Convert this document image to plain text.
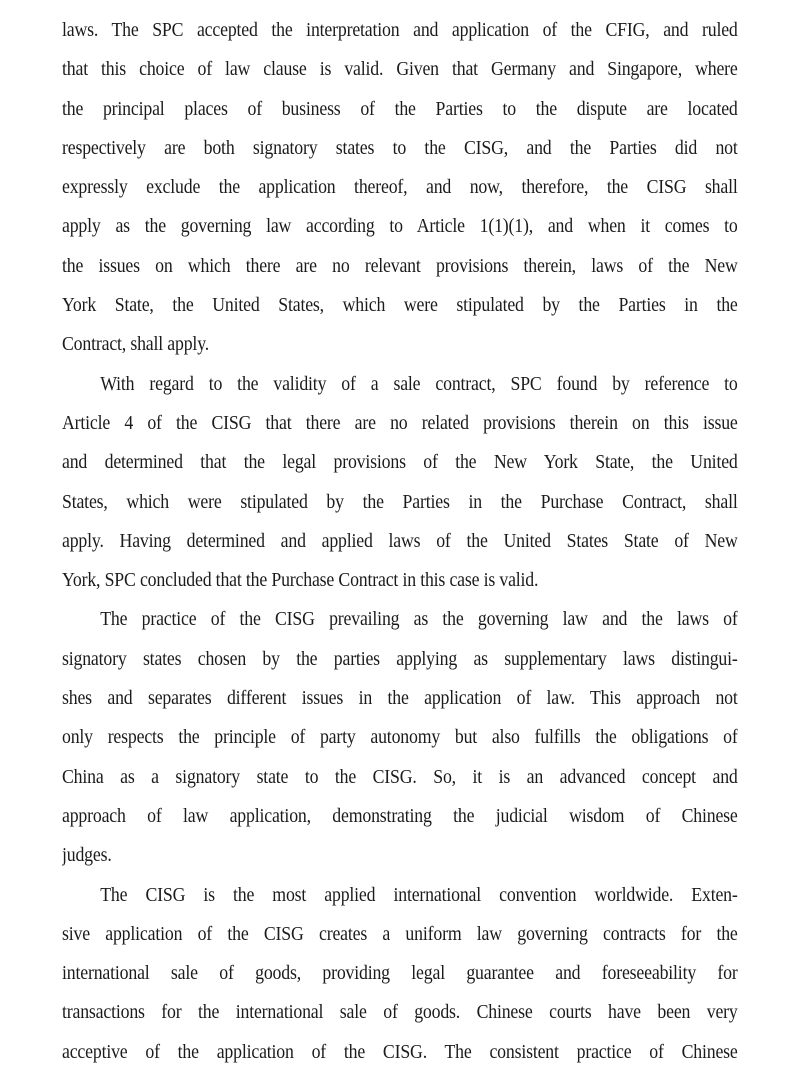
laws. The SPC accepted the interpretation and application of the CFIG, and ruled
that this choice of law clause is valid. Given that Germany and Singapore, where
the principal places of business of the Parties to the dispute are located
respectively are both signatory states to the CISG, and the Parties did not
expressly exclude the application thereof, and now, therefore, the CISG shall
apply as the governing law according to Article 1(1)(1), and when it comes to
the issues on which there are no relevant provisions therein, laws of the New
York State, the United States, which were stipulated by the Parties in the
Contract, shall apply.
With regard to the validity of a sale contract, SPC found by reference to
Article 4 of the CISG that there are no related provisions therein on this issue
and determined that the legal provisions of the New York State, the United
States, which were stipulated by the Parties in the Purchase Contract, shall
apply. Having determined and applied laws of the United States State of New
York, SPC concluded that the Purchase Contract in this case is valid.
The practice of the CISG prevailing as the governing law and the laws of
signatory states chosen by the parties applying as supplementary laws distingui-
shes and separates different issues in the application of law. This approach not
only respects the principle of party autonomy but also fulfills the obligations of
China as a signatory state to the CISG. So, it is an advanced concept and
approach of law application, demonstrating the judicial wisdom of Chinese
judges.
The CISG is the most applied international convention worldwide. Exten-
sive application of the CISG creates a uniform law governing contracts for the
international sale of goods, providing legal guarantee and foreseeability for
transactions for the international sale of goods. Chinese courts have been very
acceptive of the application of the CISG. The consistent practice of Chinese
